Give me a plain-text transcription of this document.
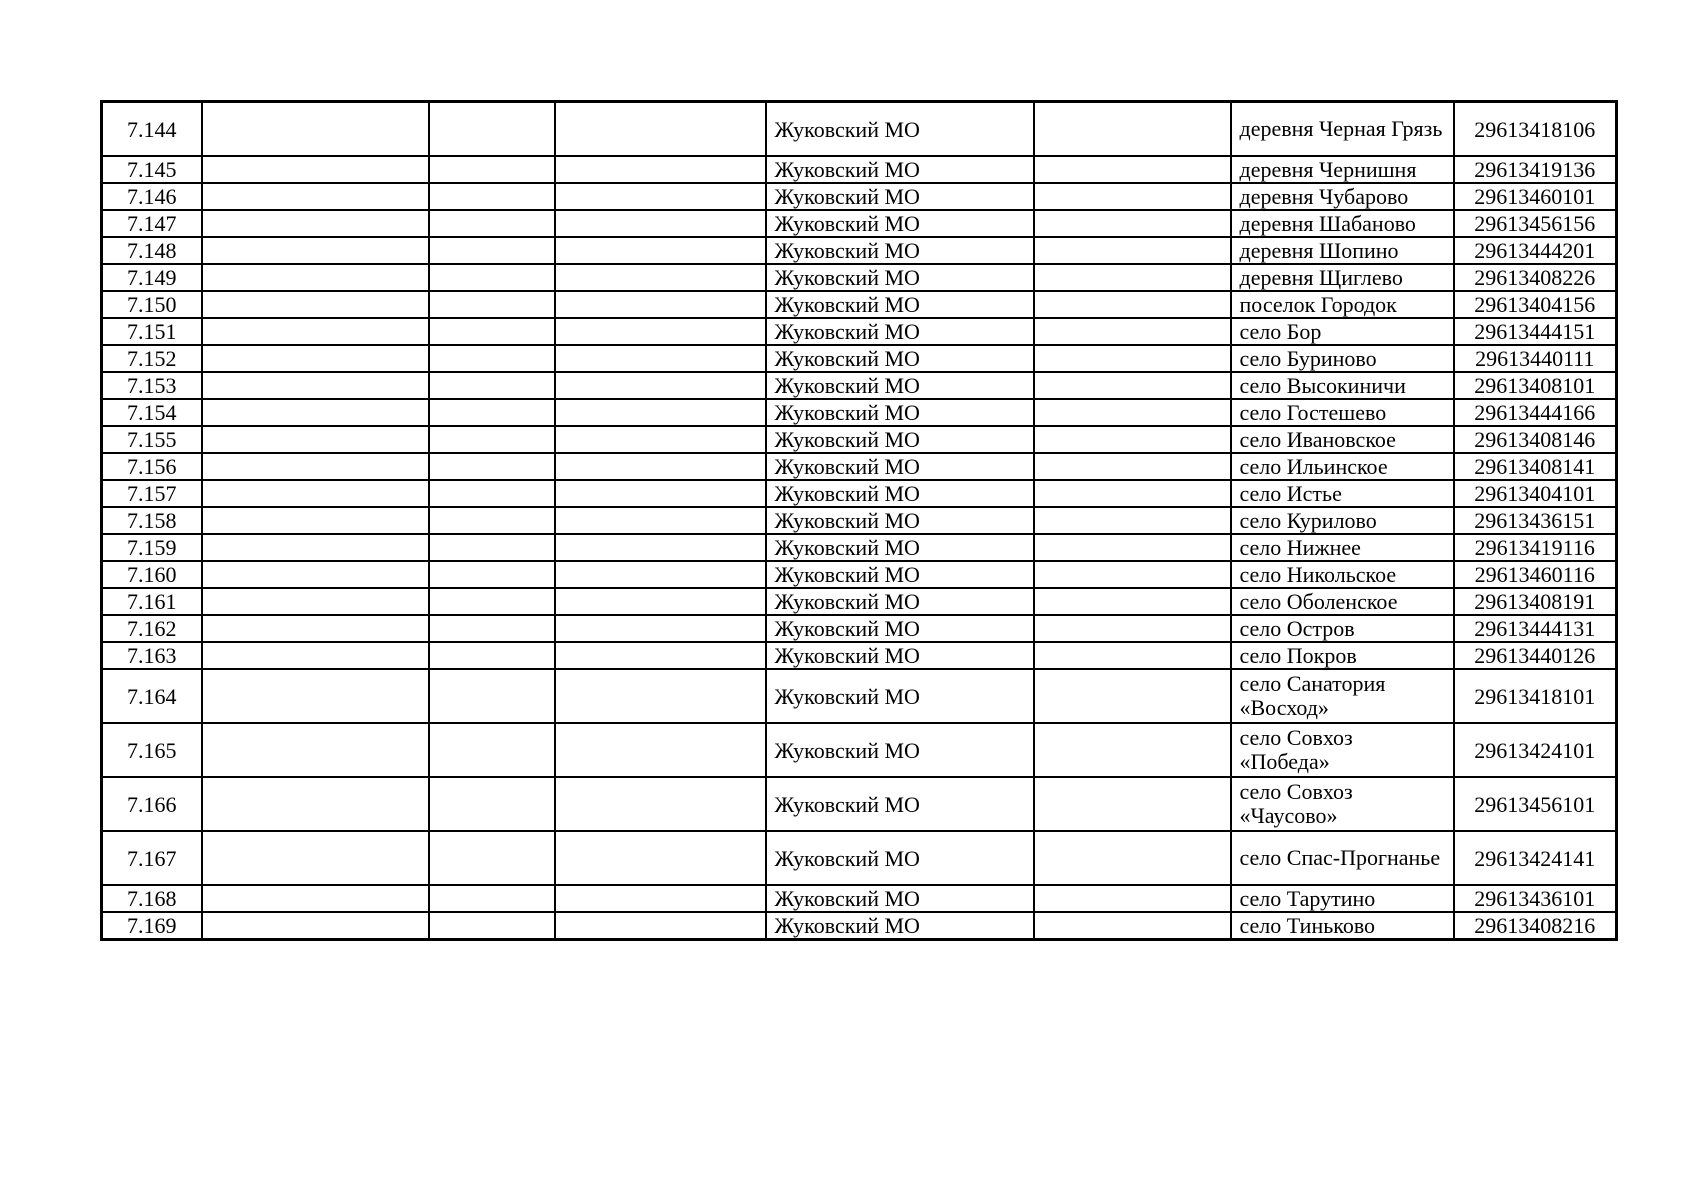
7.144				Жуковский МО		деревня Черная Грязь	29613418106
7.145				Жуковский МО		деревня Чернишня	29613419136
7.146				Жуковский МО		деревня Чубарово	29613460101
7.147				Жуковский МО		деревня Шабаново	29613456156
7.148				Жуковский МО		деревня Шопино	29613444201
7.149				Жуковский МО		деревня Щиглево	29613408226
7.150				Жуковский МО		поселок Городок	29613404156
7.151				Жуковский МО		село Бор	29613444151
7.152				Жуковский МО		село Буриново	29613440111
7.153				Жуковский МО		село Высокиничи	29613408101
7.154				Жуковский МО		село Гостешево	29613444166
7.155				Жуковский МО		село Ивановское	29613408146
7.156				Жуковский МО		село Ильинское	29613408141
7.157				Жуковский МО		село Истье	29613404101
7.158				Жуковский МО		село Курилово	29613436151
7.159				Жуковский МО		село Нижнее	29613419116
7.160				Жуковский МО		село Никольское	29613460116
7.161				Жуковский МО		село Оболенское	29613408191
7.162				Жуковский МО		село Остров	29613444131
7.163				Жуковский МО		село Покров	29613440126
7.164				Жуковский МО		село Санатория «Восход»	29613418101
7.165				Жуковский МО		село Совхоз «Победа»	29613424101
7.166				Жуковский МО		село Совхоз «Чаусово»	29613456101
7.167				Жуковский МО		село Спас-Прогнанье	29613424141
7.168				Жуковский МО		село Тарутино	29613436101
7.169				Жуковский МО		село Тиньково	29613408216
